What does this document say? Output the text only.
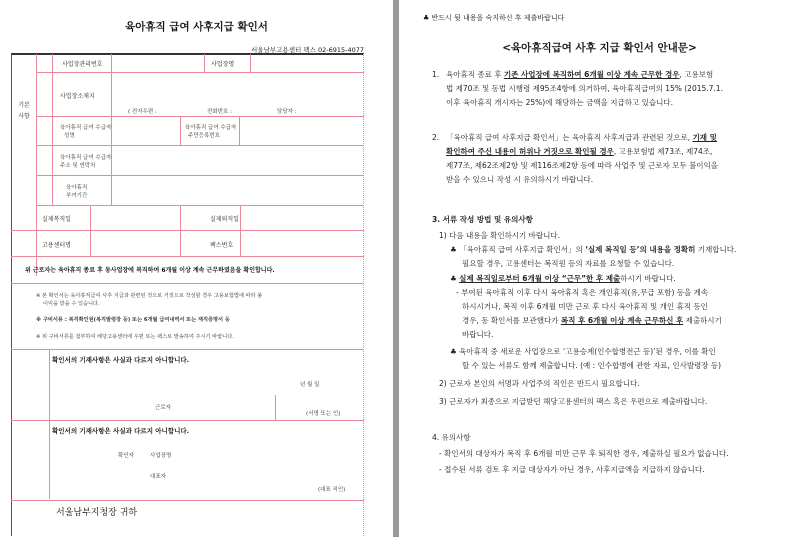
육아휴직 급여 사후지급 확인서
서울남부고용센터 팩스 02-6915-4077
기본사항
사업장관리번호	사업장명
사업장소재지
( 전자우편 :	전화번호 :	담당자 :
육아휴직 급여 수급자
성명
육아휴직 급여 수급자
주민등록번호
육아휴직 급여 수급자
주소 및 연락처
육아휴직
부여기간
실제복직일	실제퇴직일
고용센터명	팩스번호
위 근로자는 육아휴직 종료 후 동사업장에 복직하여 6개월 이상 계속 근무하였음을 확인합니다.
※ 본 확인서는 육아휴직급여 사후 지급과 관련된 것으로 거짓으로 작성할 경우 고용보험법에 따라 불
이익을 받을 수 있습니다.
※ 구비서류 : 복직확인원(복직발령장 등) 또는 6개월 급여내역서 또는 재직증명서 등
※ 위 구비서류를 첨부하여 해당고용센터에 우편 또는 팩스로 발송하여 주시기 바랍니다.
확인서의 기재사항은 사실과 다르지 아니합니다.
년 월 일
근로자
(서명 또는 인)
확인서의 기재사항은 사실과 다르지 아니합니다.
확인자	사업장명
대표자
(대표 직인)
서울남부지청장 귀하
♣ 반드시 뒷 내용을 숙지하신 후 제출바랍니다
<육아휴직급여 사후 지급 확인서 안내문>
1. 육아휴직 종료 후 기존 사업장에 복직하여 6개월 이상 계속 근무한 경우, 고용보험
법 제70조 및 동법 시행령 제95조4항에 의거하여, 육아휴직급여의 15% (2015.7.1.
이후 육아휴직 개시자는 25%)에 해당하는 금액을 지급하고 있습니다.
2. 「육아휴직 급여 사후지급 확인서」는 육아휴직 사후지급과 관련된 것으로, 기재 및
확인하여 주신 내용이 허위나 거짓으로 확인될 경우, 고용보험법 제73조, 제74조,
제77조, 제62조제2항 및 제116조제2항 등에 따라 사업주 및 근로자 모두 불이익을
받을 수 있으니 작성 시 유의하시기 바랍니다.
3. 서류 작성 방법 및 유의사항
1) 다음 내용을 확인하시기 바랍니다.
♣ 「육아휴직 급여 사후지급 확인서」의 ‘실제 복직일 등’의 내용을 정확히 기재합니다.
필요할 경우, 고용센터는 복직원 등의 자료를 요청할 수 있습니다.
♣ 실제 복직일로부터 6개월 이상 “근무”한 후 제출하시기 바랍니다.
- 부여된 육아휴직 이후 다시 육아휴직 혹은 개인휴직(유,무급 포함) 등을 계속
하시시거나, 복직 이후 6개월 미만 근로 후 다시 육아휴직 및 개인 휴직 등인
경우, 동 확인서를 보관했다가 복직 후 6개월 이상 계속 근무하신 후 제출하시기
바랍니다.
♣ 육아휴직 중 새로운 사업장으로 ‘고용승계(인수합병전근 등)’된 경우, 이를 확인
할 수 있는 서류도 함께 제출합니다. (예 : 인수합병에 관한 자료, 인사발령장 등)
2) 근로자 본인의 서명과 사업주의 직인은 반드시 필요합니다.
3) 근로자가 최종으로 지급받던 해당고용센터의 팩스 혹은 우편으로 제출바랍니다.
4. 유의사항
- 확인서의 대상자가 복직 후 6개월 미만 근무 후 퇴직한 경우, 제출하실 필요가 없습니다.
- 접수된 서류 검토 후 지급 대상자가 아닌 경우, 사후지급액을 지급하지 않습니다.
